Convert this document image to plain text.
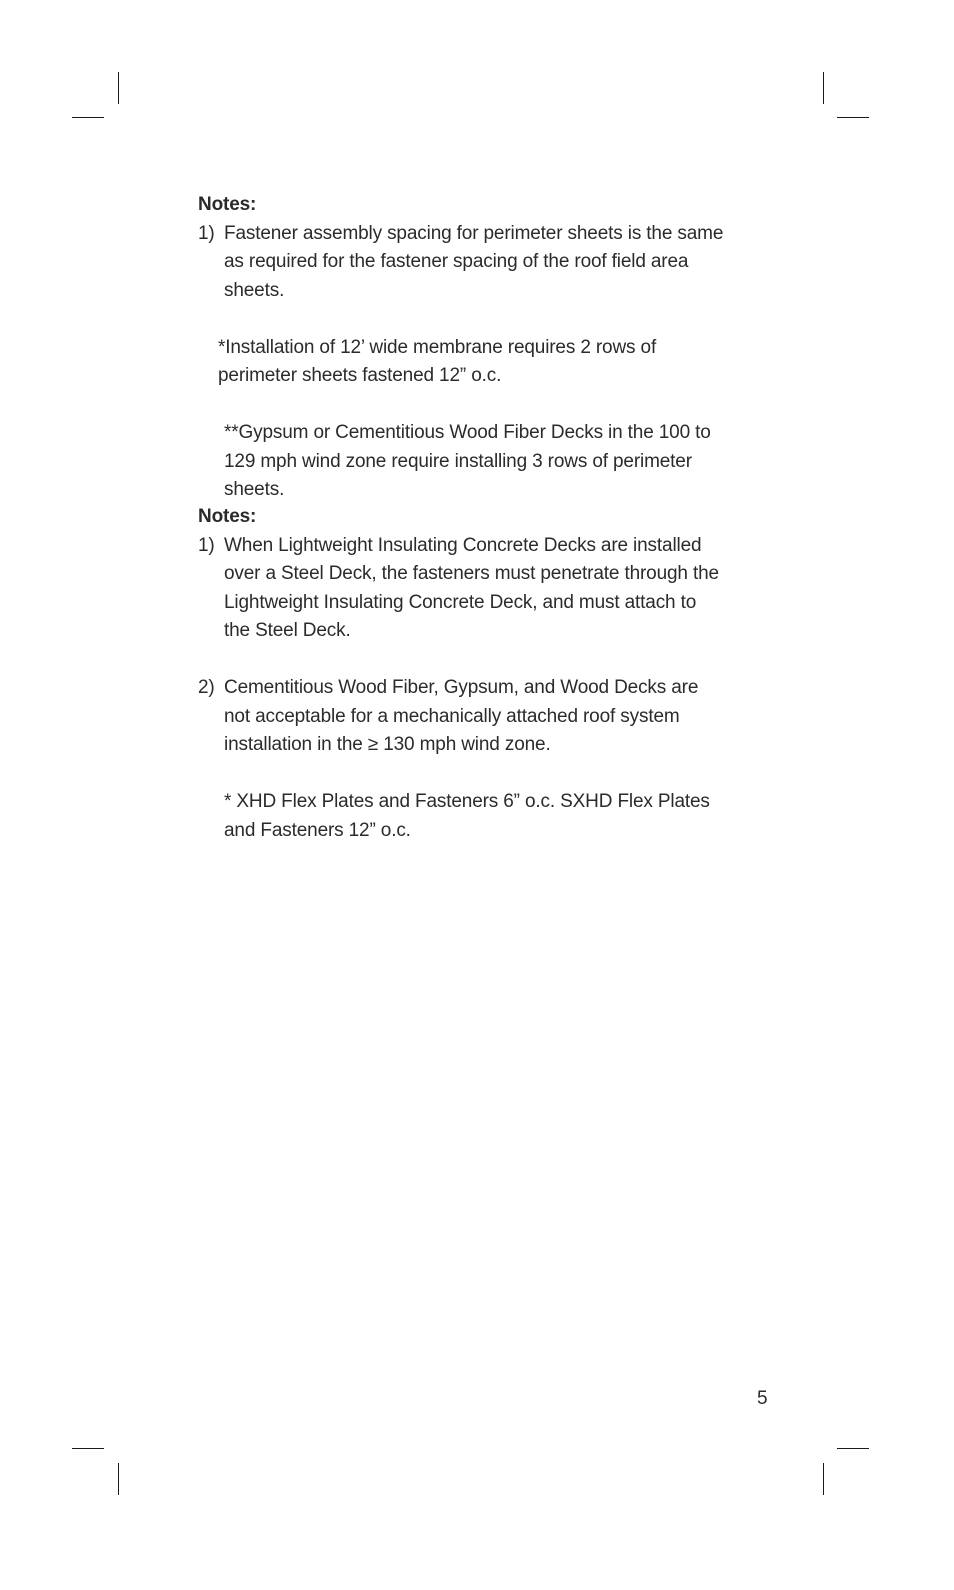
Notes:

1) Fastener assembly spacing for perimeter sheets is the same as required for the fastener spacing of the roof field area sheets.

*Installation of 12’ wide membrane requires 2 rows of perimeter sheets fastened 12” o.c.

**Gypsum or Cementitious Wood Fiber Decks in the 100 to 129 mph wind zone require installing 3 rows of perimeter sheets.

Notes:

1) When Lightweight Insulating Concrete Decks are installed over a Steel Deck, the fasteners must penetrate through the Lightweight Insulating Concrete Deck, and must attach to the Steel Deck.

2) Cementitious Wood Fiber, Gypsum, and Wood Decks are not acceptable for a mechanically attached roof system installation in the ≥ 130 mph wind zone.

* XHD Flex Plates and Fasteners 6” o.c. SXHD Flex Plates and Fasteners 12” o.c.

5
